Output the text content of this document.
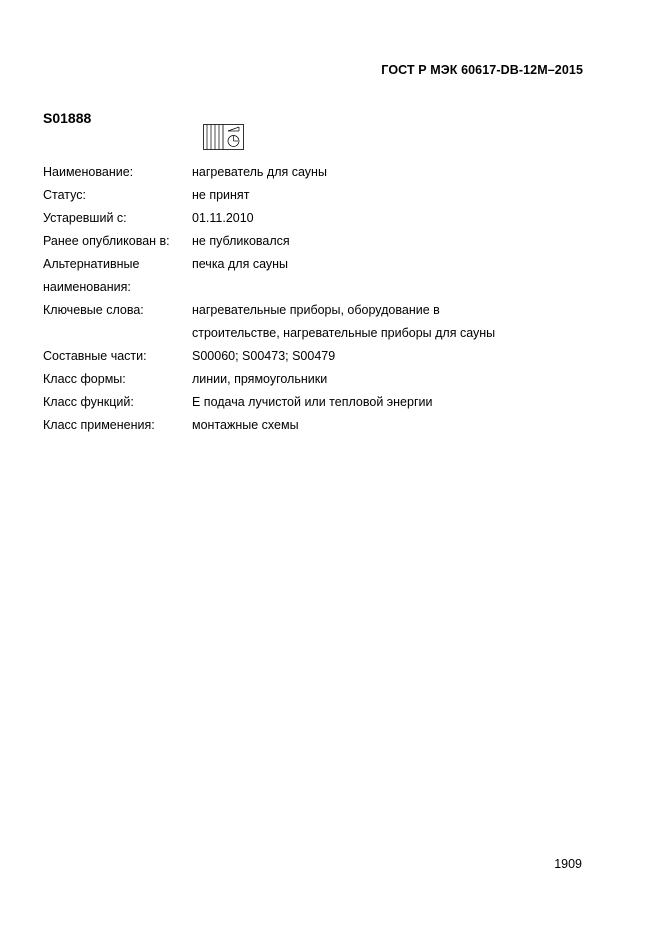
ГОСТ Р МЭК 60617-DB-12M–2015
S01888
Наименование:	нагреватель для сауны
Статус:	не принят
Устаревший с:	01.11.2010
Ранее опубликован в:	не публиковался
Альтернативные	печка для сауны
наименования:	
Ключевые слова:	нагревательные приборы, оборудование в
	строительстве, нагревательные приборы для сауны
Составные части:	S00060; S00473; S00479
Класс формы:	линии, прямоугольники
Класс функций:	Е подача лучистой или тепловой энергии
Класс применения:	монтажные схемы
1909
